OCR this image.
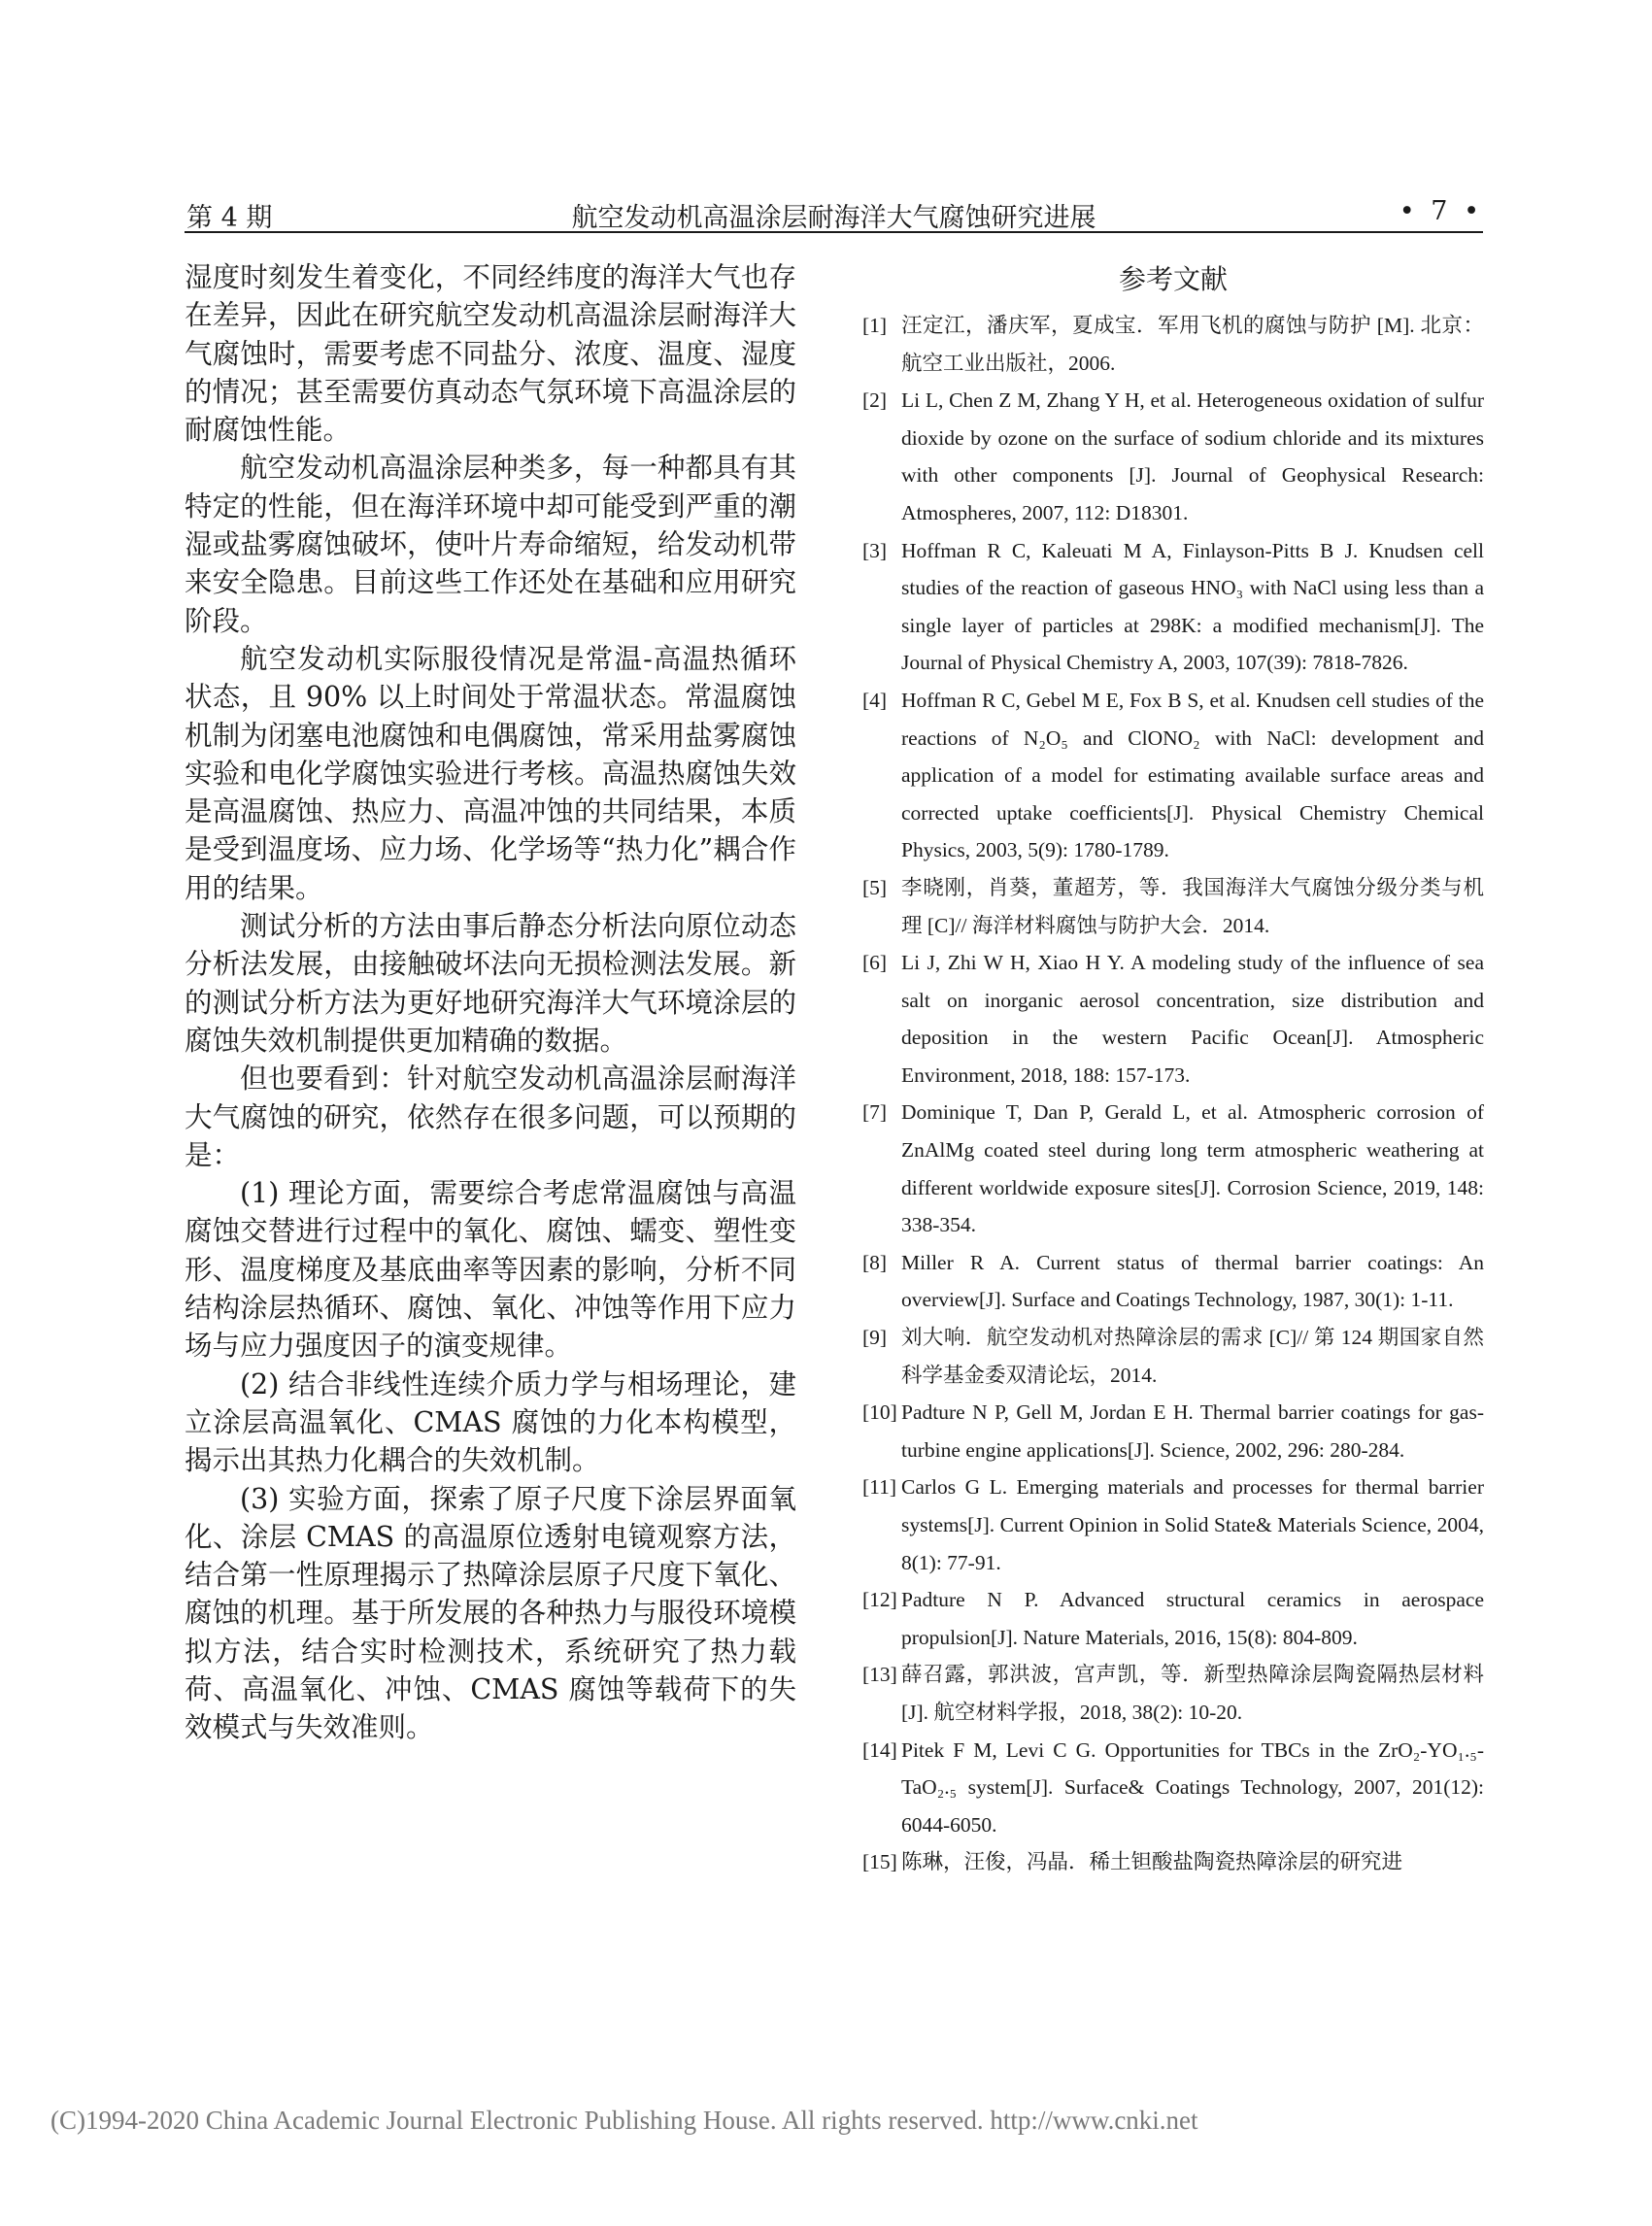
第 4 期	航空发动机高温涂层耐海洋大气腐蚀研究进展	• 7 •

湿度时刻发生着变化，不同经纬度的海洋大气也存在差异，因此在研究航空发动机高温涂层耐海洋大气腐蚀时，需要考虑不同盐分、浓度、温度、湿度的情况；甚至需要仿真动态气氛环境下高温涂层的耐腐蚀性能。

航空发动机高温涂层种类多，每一种都具有其特定的性能，但在海洋环境中却可能受到严重的潮湿或盐雾腐蚀破坏，使叶片寿命缩短，给发动机带来安全隐患。目前这些工作还处在基础和应用研究阶段。

航空发动机实际服役情况是常温-高温热循环状态，且 90% 以上时间处于常温状态。常温腐蚀机制为闭塞电池腐蚀和电偶腐蚀，常采用盐雾腐蚀实验和电化学腐蚀实验进行考核。高温热腐蚀失效是高温腐蚀、热应力、高温冲蚀的共同结果，本质是受到温度场、应力场、化学场等“热力化”耦合作用的结果。

测试分析的方法由事后静态分析法向原位动态分析法发展，由接触破坏法向无损检测法发展。新的测试分析方法为更好地研究海洋大气环境涂层的腐蚀失效机制提供更加精确的数据。

但也要看到：针对航空发动机高温涂层耐海洋大气腐蚀的研究，依然存在很多问题，可以预期的是：

(1) 理论方面，需要综合考虑常温腐蚀与高温腐蚀交替进行过程中的氧化、腐蚀、蠕变、塑性变形、温度梯度及基底曲率等因素的影响，分析不同结构涂层热循环、腐蚀、氧化、冲蚀等作用下应力场与应力强度因子的演变规律。

(2) 结合非线性连续介质力学与相场理论，建立涂层高温氧化、CMAS 腐蚀的力化本构模型，揭示出其热力化耦合的失效机制。

(3) 实验方面，探索了原子尺度下涂层界面氧化、涂层 CMAS 的高温原位透射电镜观察方法，结合第一性原理揭示了热障涂层原子尺度下氧化、腐蚀的机理。基于所发展的各种热力与服役环境模拟方法，结合实时检测技术，系统研究了热力载荷、高温氧化、冲蚀、CMAS 腐蚀等载荷下的失效模式与失效准则。

参考文献
[1] 汪定江，潘庆军，夏成宝．军用飞机的腐蚀与防护 [M]. 北京：航空工业出版社，2006.
[2] Li L, Chen Z M, Zhang Y H, et al. Heterogeneous oxidation of sulfur dioxide by ozone on the surface of sodium chloride and its mixtures with other components [J]. Journal of Geophysical Research: Atmospheres, 2007, 112: D18301.
[3] Hoffman R C, Kaleuati M A, Finlayson-Pitts B J. Knudsen cell studies of the reaction of gaseous HNO₃ with NaCl using less than a single layer of particles at 298K: a modified mechanism[J]. The Journal of Physical Chemistry A, 2003, 107(39): 7818-7826.
[4] Hoffman R C, Gebel M E, Fox B S, et al. Knudsen cell studies of the reactions of N₂O₅ and ClONO₂ with NaCl: development and application of a model for estimating available surface areas and corrected uptake coefficients[J]. Physical Chemistry Chemical Physics, 2003, 5(9): 1780-1789.
[5] 李晓刚，肖葵，董超芳，等．我国海洋大气腐蚀分级分类与机理 [C]// 海洋材料腐蚀与防护大会．2014.
[6] Li J, Zhi W H, Xiao H Y. A modeling study of the influence of sea salt on inorganic aerosol concentration, size distribution and deposition in the western Pacific Ocean[J]. Atmospheric Environment, 2018, 188: 157-173.
[7] Dominique T, Dan P, Gerald L, et al. Atmospheric corrosion of ZnAlMg coated steel during long term atmospheric weathering at different worldwide exposure sites[J]. Corrosion Science, 2019, 148: 338-354.
[8] Miller R A. Current status of thermal barrier coatings: An overview[J]. Surface and Coatings Technology, 1987, 30(1): 1-11.
[9] 刘大响．航空发动机对热障涂层的需求 [C]// 第 124 期国家自然科学基金委双清论坛，2014.
[10] Padture N P, Gell M, Jordan E H. Thermal barrier coatings for gas-turbine engine applications[J]. Science, 2002, 296: 280-284.
[11] Carlos G L. Emerging materials and processes for thermal barrier systems[J]. Current Opinion in Solid State& Materials Science, 2004, 8(1): 77-91.
[12] Padture N P. Advanced structural ceramics in aerospace propulsion[J]. Nature Materials, 2016, 15(8): 804-809.
[13] 薛召露，郭洪波，宫声凯，等．新型热障涂层陶瓷隔热层材料 [J]. 航空材料学报，2018, 38(2): 10-20.
[14] Pitek F M, Levi C G. Opportunities for TBCs in the ZrO₂-YO₁.₅-TaO₂.₅ system[J]. Surface& Coatings Technology, 2007, 201(12): 6044-6050.
[15] 陈琳，汪俊，冯晶．稀土钽酸盐陶瓷热障涂层的研究进
(C)1994-2020 China Academic Journal Electronic Publishing House. All rights reserved. http://www.cnki.net
